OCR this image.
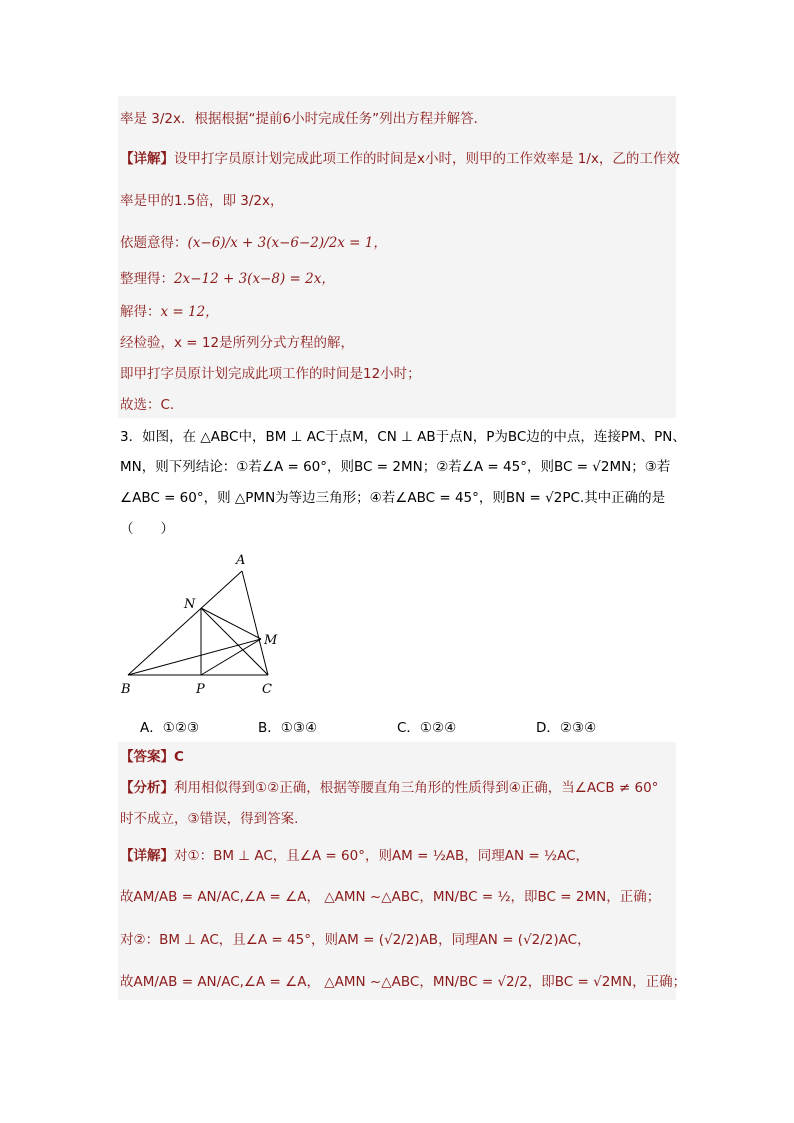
率是 3/2x．根据根据“提前6小时完成任务”列出方程并解答．
【详解】设甲打字员原计划完成此项工作的时间是x小时，则甲的工作效率是 1/x，乙的工作效
率是甲的1.5倍，即 3/2x，
依题意得：(x−6)/x + 3(x−6−2)/2x = 1，
整理得：2x−12 + 3(x−8) = 2x，
解得：x = 12，
经检验，x = 12是所列分式方程的解，
即甲打字员原计划完成此项工作的时间是12小时；
故选：C．
3．如图，在 △ABC中，BM ⊥ AC于点M，CN ⊥ AB于点N，P为BC边的中点，连接PM、PN、
MN，则下列结论：①若∠A = 60°，则BC = 2MN；②若∠A = 45°，则BC = √2MN；③若
∠ABC = 60°，则 △PMN为等边三角形；④若∠ABC = 45°，则BN = √2PC.其中正确的是
（　　）
A
N
M
B	P	C
A．①②③	B．①③④	C．①②④	D．②③④
【答案】C
【分析】利用相似得到①②正确，根据等腰直角三角形的性质得到④正确，当∠ACB ≠ 60°
时不成立，③错误，得到答案.
【详解】对①：BM ⊥ AC，且∠A = 60°，则AM = ½AB，同理AN = ½AC，
故AM/AB = AN/AC,∠A = ∠A， △AMN ~△ABC，MN/BC = ½，即BC = 2MN，正确；
对②：BM ⊥ AC，且∠A = 45°，则AM = (√2/2)AB，同理AN = (√2/2)AC，
故AM/AB = AN/AC,∠A = ∠A， △AMN ~△ABC，MN/BC = √2/2，即BC = √2MN，正确；
